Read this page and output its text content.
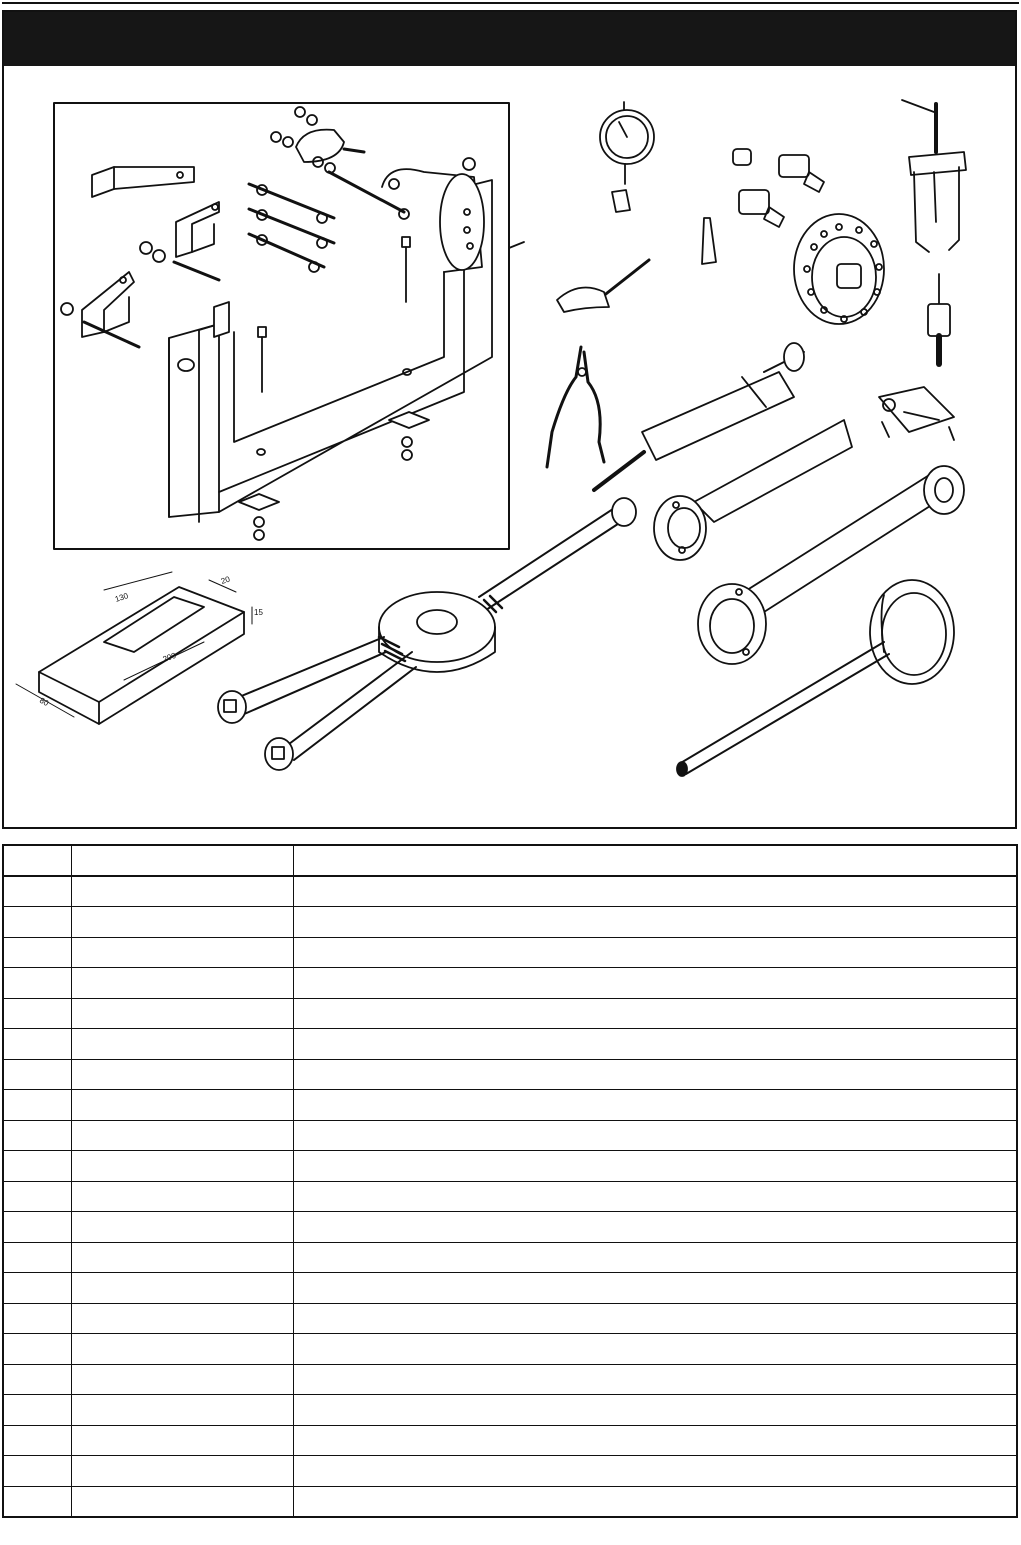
130
20
15
200
80
